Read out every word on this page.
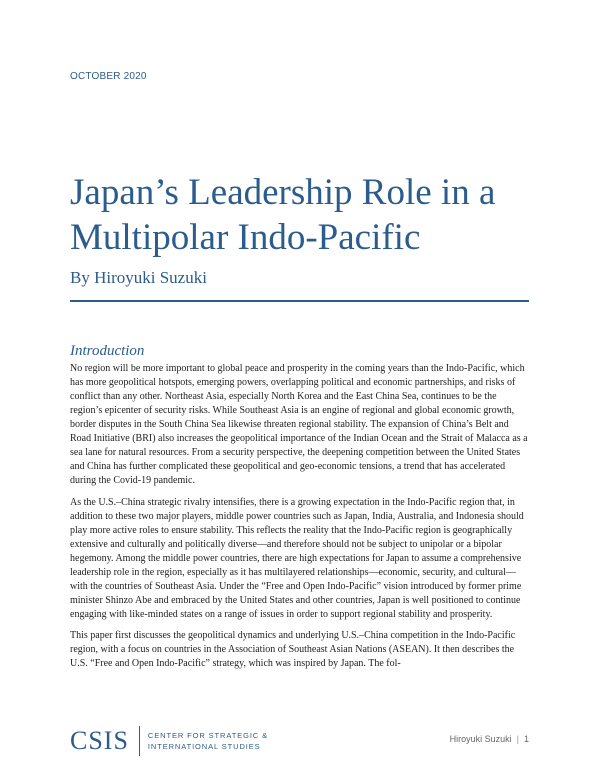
OCTOBER 2020
Japan’s Leadership Role in a
Multipolar Indo-Pacific
By Hiroyuki Suzuki
Introduction

No region will be more important to global peace and prosperity in the coming years than the Indo-Pacific, which has more geopolitical hotspots, emerging powers, overlapping political and economic partnerships, and risks of conflict than any other. Northeast Asia, especially North Korea and the East China Sea, continues to be the region’s epicenter of security risks. While Southeast Asia is an engine of regional and global economic growth, border disputes in the South China Sea likewise threaten regional stability. The expansion of China’s Belt and Road Initiative (BRI) also increases the geopolitical importance of the Indian Ocean and the Strait of Malacca as a sea lane for natural resources. From a security perspective, the deepening competition between the United States and China has further complicated these geopolitical and geo-economic tensions, a trend that has accelerated during the Covid-19 pandemic.

As the U.S.–China strategic rivalry intensifies, there is a growing expectation in the Indo-Pacific region that, in addition to these two major players, middle power countries such as Japan, India, Australia, and Indonesia should play more active roles to ensure stability. This reflects the reality that the Indo-Pacific region is geographically extensive and culturally and politically diverse—and therefore should not be subject to unipolar or a bipolar hegemony. Among the middle power countries, there are high expectations for Japan to assume a comprehensive leadership role in the region, especially as it has multilayered relationships—economic, security, and cultural—with the countries of Southeast Asia. Under the “Free and Open Indo-Pacific” vision introduced by former prime minister Shinzo Abe and embraced by the United States and other countries, Japan is well positioned to continue engaging with like-minded states on a range of issues in order to support regional stability and prosperity.

This paper first discusses the geopolitical dynamics and underlying U.S.–China competition in the Indo-Pacific region, with a focus on countries in the Association of Southeast Asian Nations (ASEAN). It then describes the U.S. “Free and Open Indo-Pacific” strategy, which was inspired by Japan. The fol-

CSIS	CENTER FOR STRATEGIC &
INTERNATIONAL STUDIES
Hiroyuki Suzuki | 1
